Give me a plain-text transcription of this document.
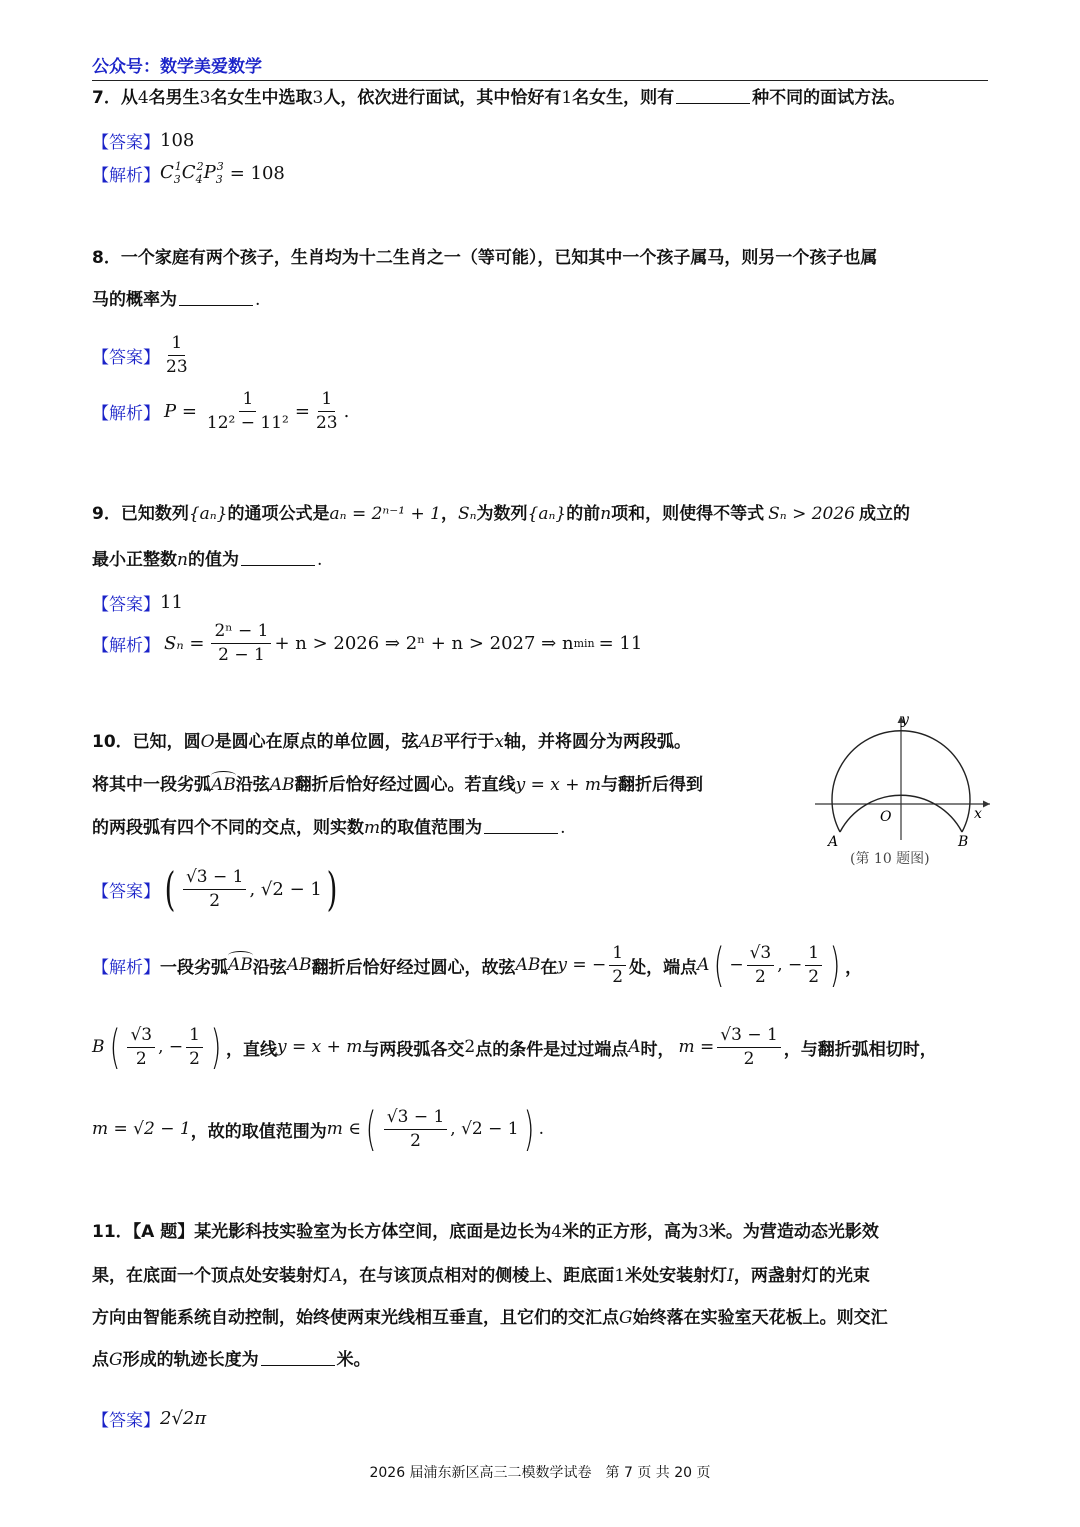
公众号：数学美爱数学
7．从4名男生3名女生中选取3人，依次进行面试，其中恰好有1名女生，则有	种不同的面试方法。
【答案】 108
【解析】 $C_3^1C_4^2P_3^3 = 108$
8．一个家庭有两个孩子，生肖均为十二生肖之一（等可能），已知其中一个孩子属马，则另一个孩子也属
马的概率为	.
【答案】 $\frac{1}{23}$
【解析】 $P = \frac{1}{\text{12² − 11²}} = \frac{1}{23}$ .
9．已知数列{aₙ}的通项公式是aₙ = 2ⁿ⁻¹ + 1，Sₙ为数列{aₙ}的前n项和，则使得不等式 Sₙ > 2026 成立的
最小正整数n的值为	.
【答案】 11
【解析】 $S_n = \frac{\text{2ⁿ − 1}}{2 - 1} + n > 2026$ ⇒ 2ⁿ + n > 2027 ⇒ n min = 11
10．已知，圆O是圆心在原点的单位圆，弦AB平行于x轴，并将圆分为两段弧。
将其中一段劣弧AB沿弦AB翻折后恰好经过圆心。若直线y = x + m与翻折后得到
的两段弧有四个不同的交点，则实数m的取值范围为	.
y
x
O
A	B
(第 10 题图)
【答案】 ( $\frac{√3 - 1}{2}$ , √2 − 1 )
【解析】 一段劣弧 AB 沿弦 AB 翻折后恰好经过圆心，故弦 AB 在 y = − $\frac{1}{2}$ 处，端点 A ( − $\frac{√3}{2}$ , − $\frac{1}{2}$ ) ，
B ( $\frac{√3}{2}$ , − $\frac{1}{2}$ ) ，直线 y = x + m 与两段弧各交 2 点的条件是过过端点 A 时， $m = \frac{√3 - 1}{2}$ ，与翻折弧相切时，
m = √2 − 1 ，故的取值范围为 m ∈ ( $\frac{√3 - 1}{2}$ , √2 − 1 ) .
11．【A 题】某光影科技实验室为长方体空间，底面是边长为4米的正方形，高为3米。为营造动态光影效
果，在底面一个顶点处安装射灯A，在与该顶点相对的侧棱上、距底面1米处安装射灯I，两盏射灯的光束
方向由智能系统自动控制，始终使两束光线相互垂直，且它们的交汇点G始终落在实验室天花板上。则交汇
点G形成的轨迹长度为	米。
【答案】 2√2π
2026 届浦东新区高三二模数学试卷　第 7 页 共 20 页
